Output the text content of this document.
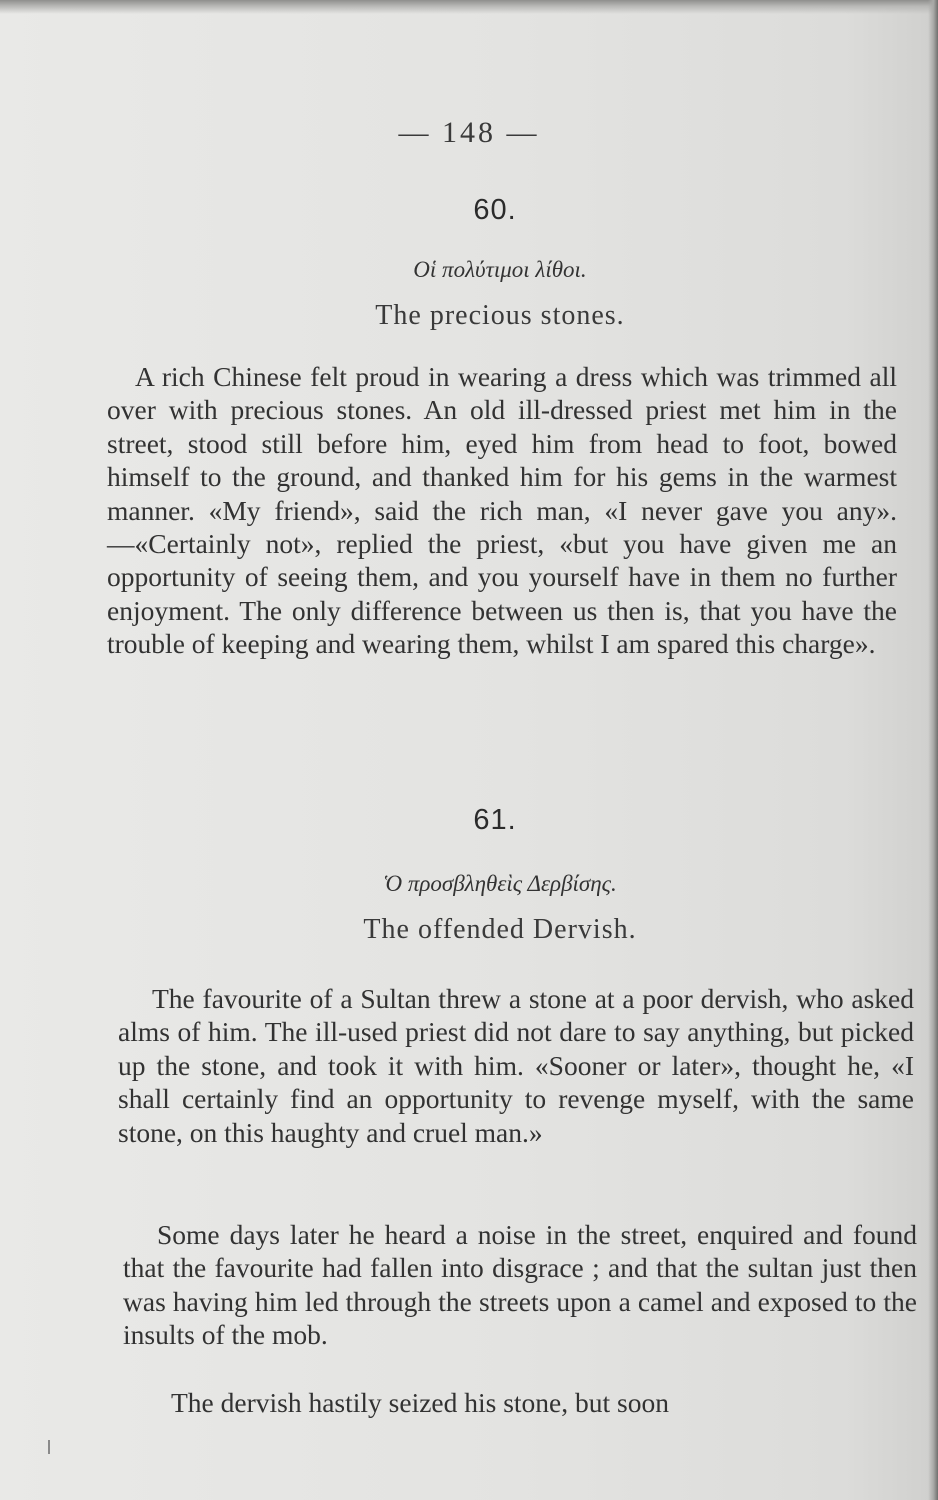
— 148 —
60.
Οἱ πολύτιμοι λίθοι.
The precious stones.

A rich Chinese felt proud in wearing a dress which was trimmed all over with precious stones. An old ill-dressed priest met him in the street, stood still before him, eyed him from head to foot, bowed himself to the ground, and thanked him for his gems in the warmest manner. «My friend», said the rich man, «I never gave you any».—«Certainly not», replied the priest, «but you have given me an opportunity of seeing them, and you yourself have in them no further enjoyment. The only difference between us then is, that you have the trouble of keeping and wearing them, whilst I am spared this charge».

61.
Ὁ προσβληθεὶς Δερβίσης.
The offended Dervish.

The favourite of a Sultan threw a stone at a poor dervish, who asked alms of him. The ill-used priest did not dare to say anything, but picked up the stone, and took it with him. «Sooner or later», thought he, «I shall certainly find an opportunity to revenge myself, with the same stone, on this haughty and cruel man.»

Some days later he heard a noise in the street, enquired and found that the favourite had fallen into disgrace ; and that the sultan just then was having him led through the streets upon a camel and exposed to the insults of the mob.

The dervish hastily seized his stone, but soon
